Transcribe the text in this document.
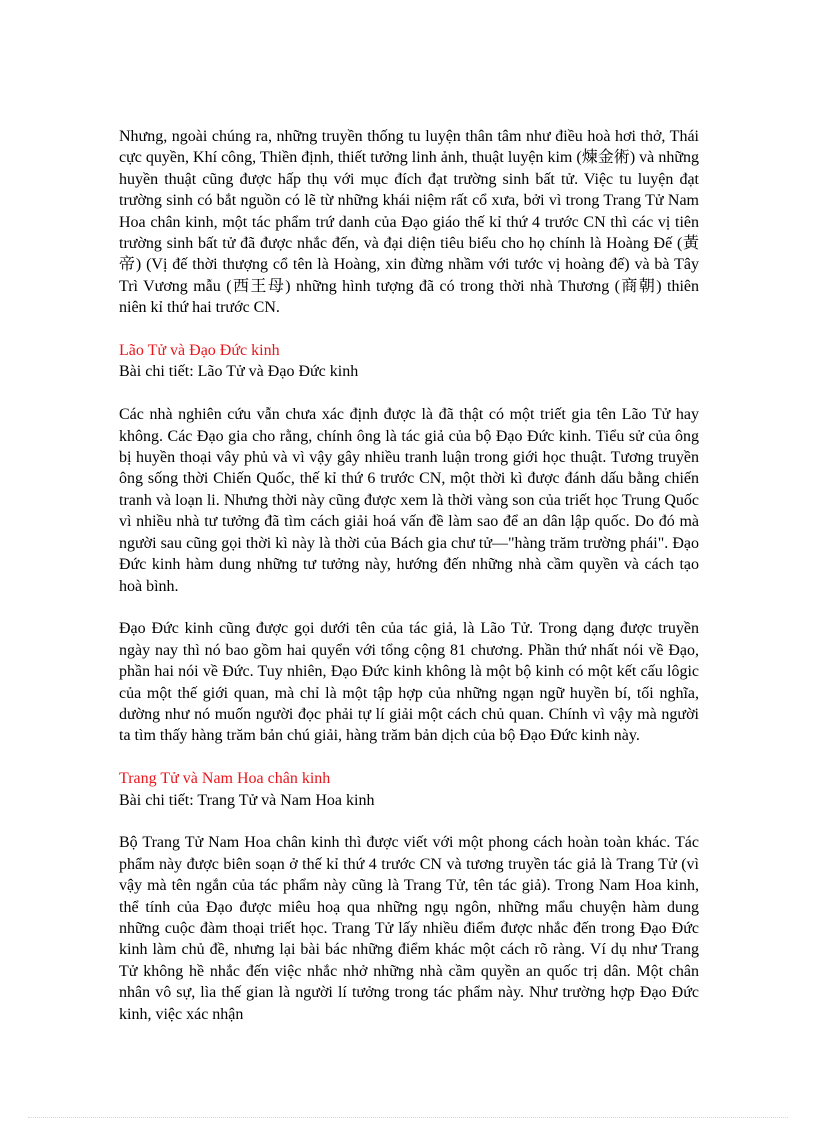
Nhưng, ngoài chúng ra, những truyền thống tu luyện thân tâm như điều hoà hơi thở, Thái cực quyền, Khí công, Thiền định, thiết tưởng linh ảnh, thuật luyện kim (煉金術) và những huyền thuật cũng được hấp thụ với mục đích đạt trường sinh bất tử. Việc tu luyện đạt trường sinh có bắt nguồn có lẽ từ những khái niệm rất cổ xưa, bởi vì trong Trang Tử Nam Hoa chân kinh, một tác phẩm trứ danh của Đạo giáo thế kỉ thứ 4 trước CN thì các vị tiên trường sinh bất tử đã được nhắc đến, và đại diện tiêu biểu cho họ chính là Hoàng Đế (黃帝) (Vị đế thời thượng cổ tên là Hoàng, xin đừng nhầm với tước vị hoàng đế) và bà Tây Trì Vương mẫu (西王母) những hình tượng đã có trong thời nhà Thương (商朝) thiên niên kỉ thứ hai trước CN.

Lão Tử và Đạo Đức kinh
Bài chi tiết: Lão Tử và Đạo Đức kinh

Các nhà nghiên cứu vẫn chưa xác định được là đã thật có một triết gia tên Lão Tử hay không. Các Đạo gia cho rằng, chính ông là tác giả của bộ Đạo Đức kinh. Tiểu sử của ông bị huyền thoại vây phủ và vì vậy gây nhiều tranh luận trong giới học thuật. Tương truyền ông sống thời Chiến Quốc, thế kỉ thứ 6 trước CN, một thời kì được đánh dấu bằng chiến tranh và loạn li. Nhưng thời này cũng được xem là thời vàng son của triết học Trung Quốc vì nhiều nhà tư tưởng đã tìm cách giải hoá vấn đề làm sao để an dân lập quốc. Do đó mà người sau cũng gọi thời kì này là thời của Bách gia chư tử—"hàng trăm trường phái". Đạo Đức kinh hàm dung những tư tưởng này, hướng đến những nhà cầm quyền và cách tạo hoà bình.

Đạo Đức kinh cũng được gọi dưới tên của tác giả, là Lão Tử. Trong dạng được truyền ngày nay thì nó bao gồm hai quyển với tổng cộng 81 chương. Phần thứ nhất nói về Đạo, phần hai nói về Đức. Tuy nhiên, Đạo Đức kinh không là một bộ kinh có một kết cấu lôgic của một thế giới quan, mà chỉ là một tập hợp của những ngạn ngữ huyền bí, tối nghĩa, dường như nó muốn người đọc phải tự lí giải một cách chủ quan. Chính vì vậy mà người ta tìm thấy hàng trăm bản chú giải, hàng trăm bản dịch của bộ Đạo Đức kinh này.

Trang Tử và Nam Hoa chân kinh
Bài chi tiết: Trang Tử và Nam Hoa kinh

Bộ Trang Tử Nam Hoa chân kinh thì được viết với một phong cách hoàn toàn khác. Tác phẩm này được biên soạn ở thế kỉ thứ 4 trước CN và tương truyền tác giả là Trang Tử (vì vậy mà tên ngắn của tác phẩm này cũng là Trang Tử, tên tác giả). Trong Nam Hoa kinh, thể tính của Đạo được miêu hoạ qua những ngụ ngôn, những mẩu chuyện hàm dung những cuộc đàm thoại triết học. Trang Tử lấy nhiều điểm được nhắc đến trong Đạo Đức kinh làm chủ đề, nhưng lại bài bác những điểm khác một cách rõ ràng. Ví dụ như Trang Tử không hề nhắc đến việc nhắc nhở những nhà cầm quyền an quốc trị dân. Một chân nhân vô sự, lìa thế gian là người lí tưởng trong tác phẩm này. Như trường hợp Đạo Đức kinh, việc xác nhận
